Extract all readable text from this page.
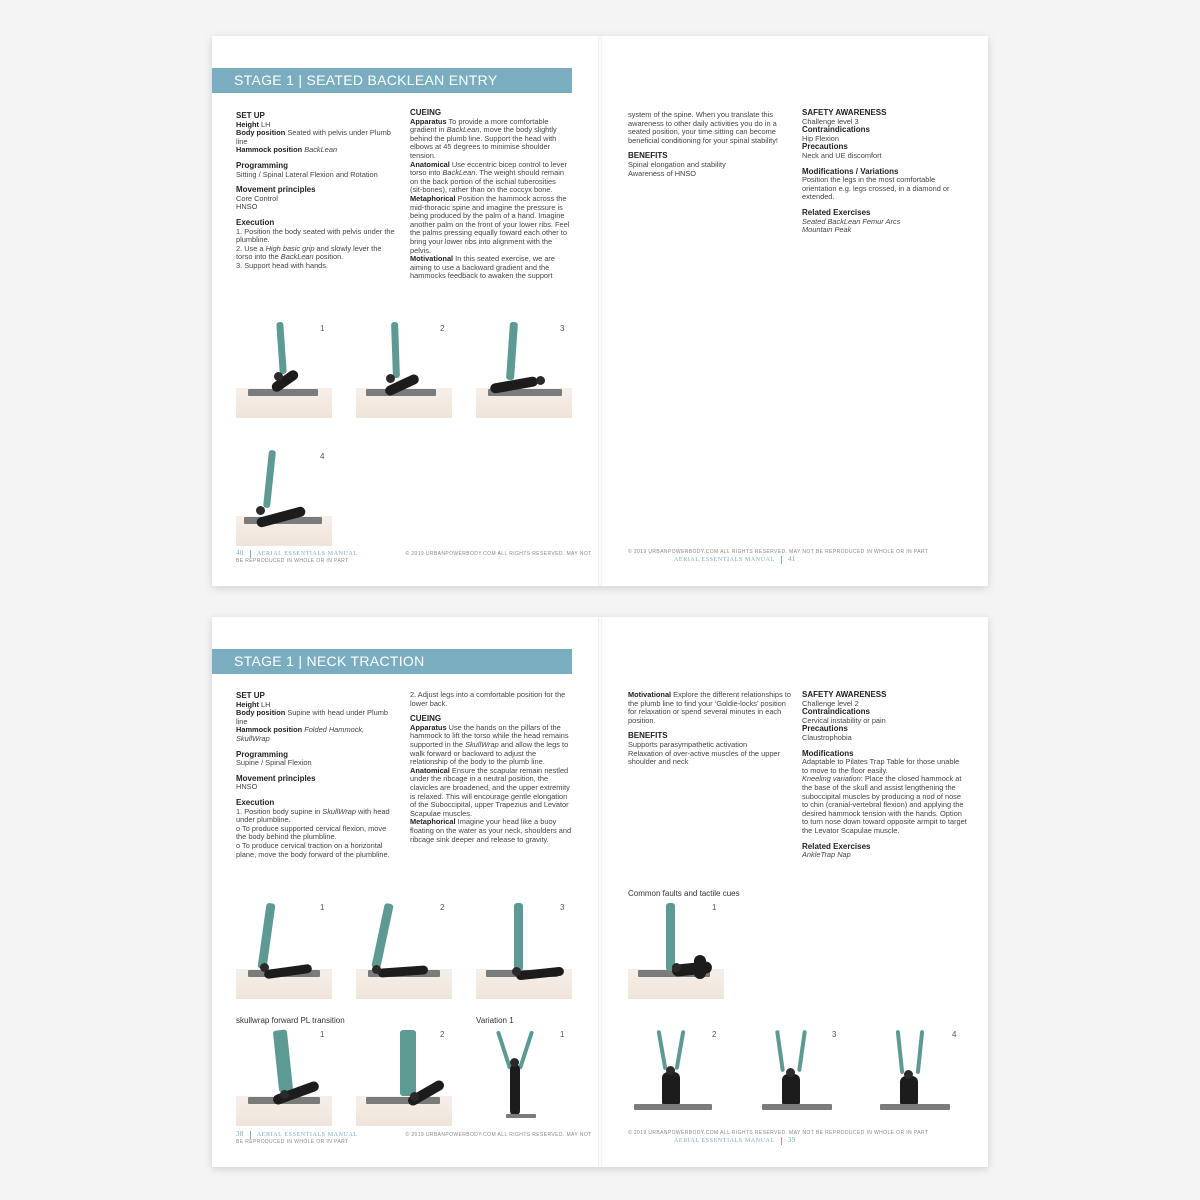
STAGE 1 | SEATED BACKLEAN ENTRY

SET UP

Height LH

Body position Seated with pelvis under Plumb line

Hammock position BackLean

Programming

Sitting / Spinal Lateral Flexion and Rotation

Movement principles

Core Control

HNSO

Execution

1. Position the body seated with pelvis under the plumbline.

2. Use a High basic grip and slowly lever the torso into the BackLean position.

3. Support head with hands.

CUEING

Apparatus To provide a more comfortable gradient in BackLean, move the body slightly behind the plumb line. Support the head with elbows at 45 degrees to minimise shoulder tension.

Anatomical Use eccentric bicep control to lever torso into BackLean. The weight should remain on the back portion of the ischial tuberosities (sit-bones), rather than on the coccyx bone.

Metaphorical Position the hammock across the mid-thoracic spine and imagine the pressure is being produced by the palm of a hand. Imagine another palm on the front of your lower ribs. Feel the palms pressing equally toward each other to bring your lower ribs into alignment with the pelvis.

Motivational In this seated exercise, we are aiming to use a backward gradient and the hammocks feedback to awaken the support

1	2	3
4
40 AERIAL ESSENTIALS MANUAL	© 2019 URBANPOWERBODY.COM ALL RIGHTS RESERVED. MAY NOT BE REPRODUCED IN WHOLE OR IN PART

system of the spine. When you translate this awareness to other daily activities you do in a seated position, your time sitting can become beneficial conditioning for your spinal stability!

BENEFITS

Spinal elongation and stability

Awareness of HNSO

SAFETY AWARENESS

Challenge level 3

Contraindications

Hip Flexion

Precautions

Neck and UE discomfort

Modifications / Variations

Position the legs in the most comfortable orientation e.g. legs crossed, in a diamond or extended.

Related Exercises

Seated BackLean Femur Arcs

Mountain Peak

© 2019 URBANPOWERBODY.COM ALL RIGHTS RESERVED. MAY NOT BE REPRODUCED IN WHOLE OR IN PART AERIAL ESSENTIALS MANUAL 41
STAGE 1 | NECK TRACTION

SET UP

Height LH

Body position Supine with head under Plumb line

Hammock position Folded Hammock, SkullWrap

Programming

Supine / Spinal Flexion

Movement principles

HNSO

Execution

1. Position body supine in SkullWrap with head under plumbline.

o To produce supported cervical flexion, move the body behind the plumbline.

o To produce cervical traction on a horizontal plane, move the body forward of the plumbline.

2. Adjust legs into a comfortable position for the lower back.

CUEING

Apparatus Use the hands on the pillars of the hammock to lift the torso while the head remains supported in the SkullWrap and allow the legs to walk forward or backward to adjust the relationship of the body to the plumb line.

Anatomical Ensure the scapular remain nestled under the ribcage in a neutral position, the clavicles are broadened, and the upper extremity is relaxed. This will encourage gentle elongation of the Suboccipital, upper Trapezius and Levator Scapulae muscles.

Metaphorical Imagine your head like a buoy floating on the water as your neck, shoulders and ribcage sink deeper and release to gravity.

1	2	3
skullwrap forward PL transition	Variation 1
1	2	1
38 AERIAL ESSENTIALS MANUAL	© 2019 URBANPOWERBODY.COM ALL RIGHTS RESERVED. MAY NOT BE REPRODUCED IN WHOLE OR IN PART

Motivational Explore the different relationships to the plumb line to find your ‘Goldie-locks’ position for relaxation or spend several minutes in each position.

BENEFITS

Supports parasympathetic activation

Relaxation of over-active muscles of the upper shoulder and neck

SAFETY AWARENESS

Challenge level 2

Contraindications

Cervical instability or pain

Precautions

Claustrophobia

Modifications

Adaptable to Pilates Trap Table for those unable to move to the floor easily.

Kneeling variation: Place the closed hammock at the base of the skull and assist lengthening the suboccipital muscles by producing a nod of nose to chin (cranial-vertebral flexion) and applying the desired hammock tension with the hands. Option to turn nose down toward opposite armpit to target the Levator Scapulae muscle.

Related Exercises

AnkleTrap Nap

Common faults and tactile cues
1
2	3	4
© 2019 URBANPOWERBODY.COM ALL RIGHTS RESERVED. MAY NOT BE REPRODUCED IN WHOLE OR IN PART AERIAL ESSENTIALS MANUAL 39
